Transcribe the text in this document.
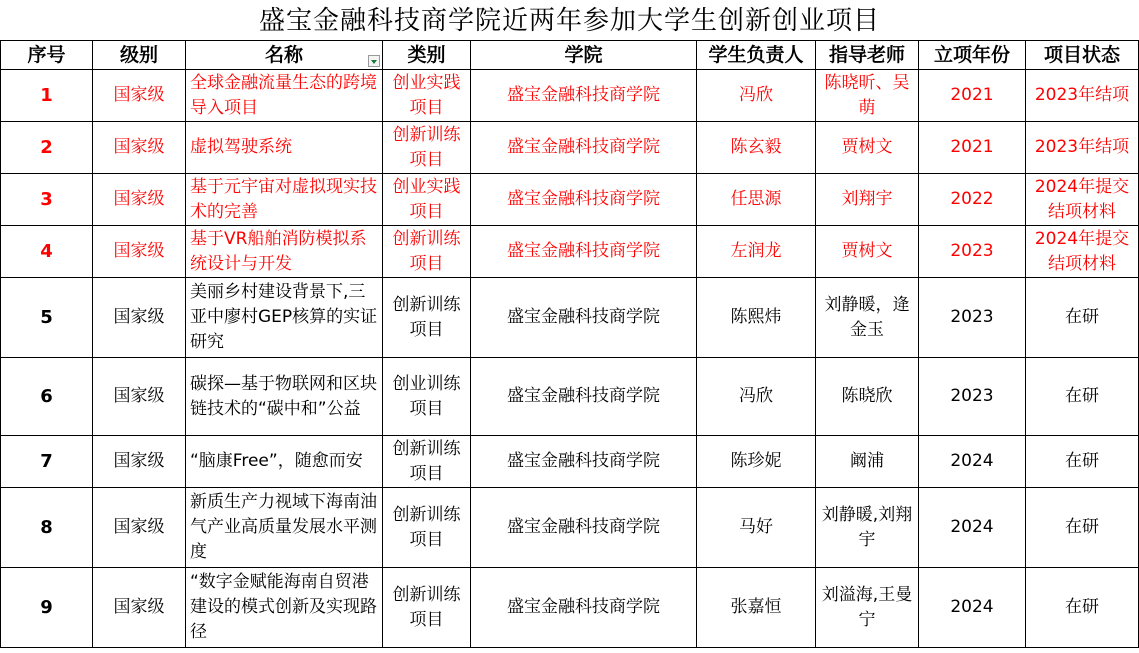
盛宝金融科技商学院近两年参加大学生创新创业项目
序号	级别	名称	类别	学院	学生负责人	指导老师	立项年份	项目状态
1	国家级	全球金融流量生态的跨境导入项目	创业实践项目	盛宝金融科技商学院	冯欣	陈晓昕、吴萌	2021	2023年结项
2	国家级	虚拟驾驶系统	创新训练项目	盛宝金融科技商学院	陈玄毅	贾树文	2021	2023年结项
3	国家级	基于元宇宙对虚拟现实技术的完善	创业实践项目	盛宝金融科技商学院	任思源	刘翔宇	2022	2024年提交结项材料
4	国家级	基于VR船舶消防模拟系统设计与开发	创新训练项目	盛宝金融科技商学院	左润龙	贾树文	2023	2024年提交结项材料
5	国家级	美丽乡村建设背景下,三亚中廖村GEP核算的实证研究	创新训练项目	盛宝金融科技商学院	陈熙炜	刘静暖，逄金玉	2023	在研
6	国家级	碳探—基于物联网和区块链技术的“碳中和”公益	创业训练项目	盛宝金融科技商学院	冯欣	陈晓欣	2023	在研
7	国家级	“脑康Free”，随愈而安	创新训练项目	盛宝金融科技商学院	陈珍妮	阚浦	2024	在研
8	国家级	新质生产力视域下海南油气产业高质量发展水平测度	创新训练项目	盛宝金融科技商学院	马好	刘静暖,刘翔宇	2024	在研
9	国家级	“数字金赋能海南自贸港建设的模式创新及实现路径	创新训练项目	盛宝金融科技商学院	张嘉恒	刘溢海,王曼宁	2024	在研
